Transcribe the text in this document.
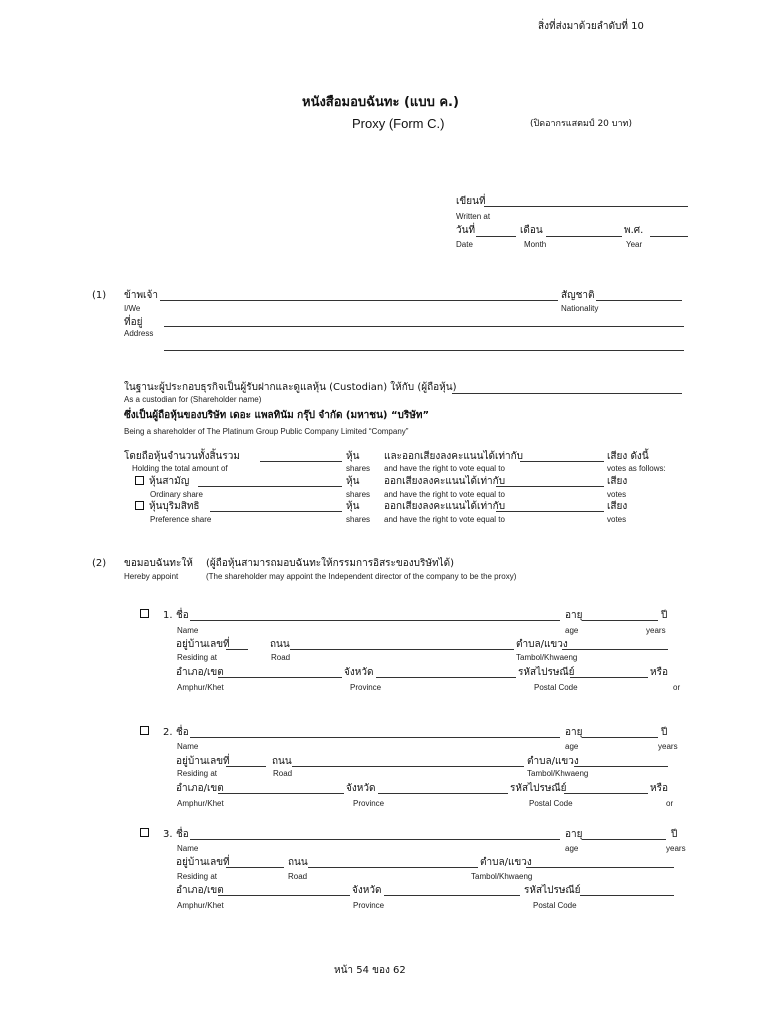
สิ่งที่ส่งมาด้วยลำดับที่ 10
หนังสือมอบฉันทะ (แบบ ค.)
Proxy (Form C.)	(ปิดอากรแสตมป์ 20 บาท)
เขียนที่
Written at
วันที่	เดือน	พ.ศ.
Date	Month	Year
(1) ข้าพเจ้า	สัญชาติ
I/We	Nationality
ที่อยู่
Address
ในฐานะผู้ประกอบธุรกิจเป็นผู้รับฝากและดูแลหุ้น (Custodian) ให้กับ (ผู้ถือหุ้น)
As a custodian for (Shareholder name)
ซึ่งเป็นผู้ถือหุ้นของบริษัท เดอะ แพลทินัม กรุ๊ป จำกัด (มหาชน) “บริษัท”
Being a shareholder of The Platinum Group Public Company Limited “Company”
โดยถือหุ้นจำนวนทั้งสิ้นรวม	หุ้น และออกเสียงลงคะแนนได้เท่ากับ	เสียง ดังนี้
Holding the total amount of	shares and have the right to vote equal to	votes as follows:
หุ้นสามัญ	หุ้น ออกเสียงลงคะแนนได้เท่ากับ	เสียง
Ordinary share	shares and have the right to vote equal to	votes
หุ้นบุริมสิทธิ	หุ้น ออกเสียงลงคะแนนได้เท่ากับ	เสียง
Preference share	shares and have the right to vote equal to	votes
(2) ขอมอบฉันทะให้ (ผู้ถือหุ้นสามารถมอบฉันทะให้กรรมการอิสระของบริษัทได้)
Hereby appoint	(The shareholder may appoint the Independent director of the company to be the proxy)
1. ชื่อ	อายุ	ปี
Name	age	years
อยู่บ้านเลขที่	ถนน	ตำบล/แขวง
Residing at	Road	Tambol/Khwaeng
อำเภอ/เขต	จังหวัด	รหัสไปรษณีย์	หรือ
Amphur/Khet	Province	Postal Code	or
2. ชื่อ	อายุ	ปี
Name	age	years
อยู่บ้านเลขที่	ถนน	ตำบล/แขวง
Residing at	Road	Tambol/Khwaeng
อำเภอ/เขต	จังหวัด	รหัสไปรษณีย์	หรือ
Amphur/Khet	Province	Postal Code	or
3. ชื่อ	อายุ	ปี
Name	age	years
อยู่บ้านเลขที่	ถนน	ตำบล/แขวง
Residing at	Road	Tambol/Khwaeng
อำเภอ/เขต	จังหวัด	รหัสไปรษณีย์
Amphur/Khet	Province	Postal Code
หน้า 54 ของ 62
